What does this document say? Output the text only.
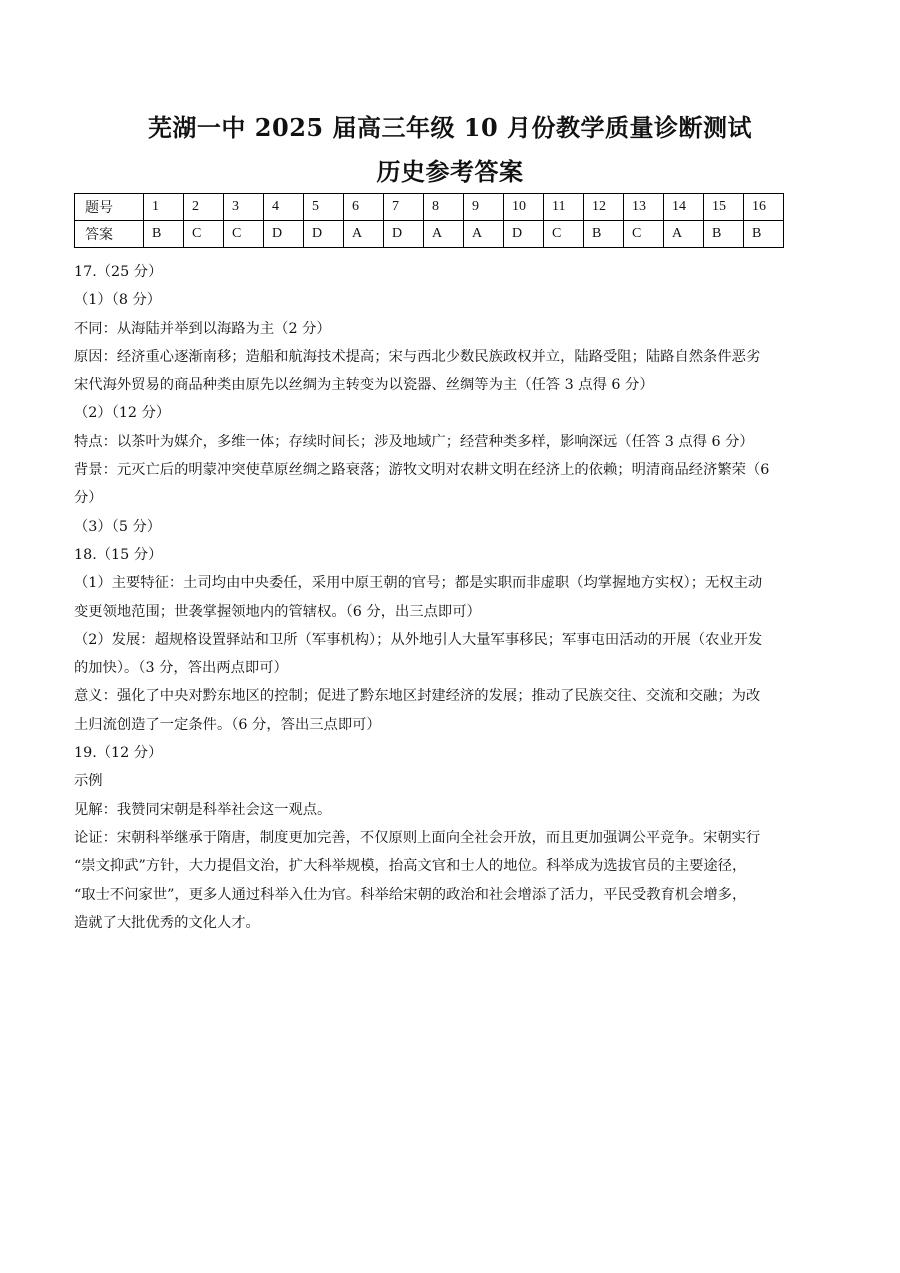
芜湖一中 2025 届高三年级 10 月份教学质量诊断测试
历史参考答案
题号	1	2	3	4	5	6	7	8	9	10	11	12	13	14	15	16
答案	B	C	C	D	D	A	D	A	A	D	C	B	C	A	B	B

17.（25 分）

（1）（8 分）

不同：从海陆并举到以海路为主（2 分）

原因：经济重心逐渐南移；造船和航海技术提高；宋与西北少数民族政权并立，陆路受阻；陆路自然条件恶劣

宋代海外贸易的商品种类由原先以丝绸为主转变为以瓷器、丝绸等为主（任答 3 点得 6 分）

（2）（12 分）

特点：以茶叶为媒介，多维一体；存续时间长；涉及地域广；经营种类多样，影响深远（任答 3 点得 6 分）

背景：元灭亡后的明蒙冲突使草原丝绸之路衰落；游牧文明对农耕文明在经济上的依赖；明清商品经济繁荣（6

分）

（3）（5 分）

18.（15 分）

（1）主要特征：土司均由中央委任，采用中原王朝的官号；都是实职而非虚职（均掌握地方实权）；无权主动

变更领地范围；世袭掌握领地内的管辖权。（6 分，出三点即可）

（2）发展：超规格设置驿站和卫所（军事机构）；从外地引人大量军事移民；军事屯田活动的开展（农业开发

的加快）。（3 分，答出两点即可）

意义：强化了中央对黔东地区的控制；促进了黔东地区封建经济的发展；推动了民族交往、交流和交融；为改

土归流创造了一定条件。（6 分，答出三点即可）

19.（12 分）

示例

见解：我赞同宋朝是科举社会这一观点。

论证：宋朝科举继承于隋唐，制度更加完善，不仅原则上面向全社会开放，而且更加强调公平竞争。宋朝实行

“崇文抑武”方针，大力提倡文治，扩大科举规模，抬高文官和士人的地位。科举成为选拔官员的主要途径，

“取士不问家世”，更多人通过科举入仕为官。科举给宋朝的政治和社会增添了活力，平民受教育机会增多，

造就了大批优秀的文化人才。
